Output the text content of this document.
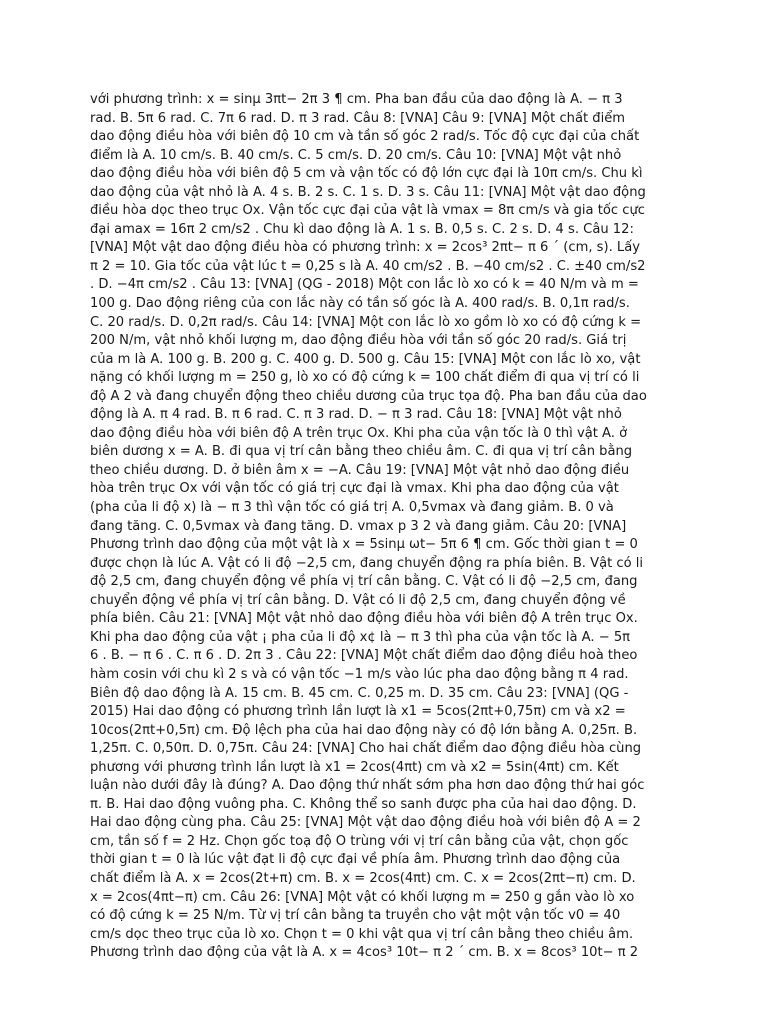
với phương trình: x = sinμ 3πt− 2π 3 ¶ cm. Pha ban đầu của dao động là A. − π 3
rad. B. 5π 6 rad. C. 7π 6 rad. D. π 3 rad. Câu 8: [VNA] Câu 9: [VNA] Một chất điểm
dao động điều hòa với biên độ 10 cm và tần số góc 2 rad/s. Tốc độ cực đại của chất
điểm là A. 10 cm/s. B. 40 cm/s. C. 5 cm/s. D. 20 cm/s. Câu 10: [VNA] Một vật nhỏ
dao động điều hòa với biên độ 5 cm và vận tốc có độ lớn cực đại là 10π cm/s. Chu kì
dao động của vật nhỏ là A. 4 s. B. 2 s. C. 1 s. D. 3 s. Câu 11: [VNA] Một vật dao động
điều hòa dọc theo trục Ox. Vận tốc cực đại của vật là vmax = 8π cm/s và gia tốc cực
đại amax = 16π 2 cm/s2 . Chu kì dao động là A. 1 s. B. 0,5 s. C. 2 s. D. 4 s. Câu 12:
[VNA] Một vật dao động điều hòa có phương trình: x = 2cos³ 2πt− π 6 ´ (cm, s). Lấy
π 2 = 10. Gia tốc của vật lúc t = 0,25 s là A. 40 cm/s2 . B. −40 cm/s2 . C. ±40 cm/s2
. D. −4π cm/s2 . Câu 13: [VNA] (QG - 2018) Một con lắc lò xo có k = 40 N/m và m =
100 g. Dao động riêng của con lắc này có tần số góc là A. 400 rad/s. B. 0,1π rad/s.
C. 20 rad/s. D. 0,2π rad/s. Câu 14: [VNA] Một con lắc lò xo gồm lò xo có độ cứng k =
200 N/m, vật nhỏ khối lượng m, dao động điều hòa với tần số góc 20 rad/s. Giá trị
của m là A. 100 g. B. 200 g. C. 400 g. D. 500 g. Câu 15: [VNA] Một con lắc lò xo, vật
nặng có khối lượng m = 250 g, lò xo có độ cứng k = 100 chất điểm đi qua vị trí có li
độ A 2 và đang chuyển động theo chiều dương của trục tọa độ. Pha ban đầu của dao
động là A. π 4 rad. B. π 6 rad. C. π 3 rad. D. − π 3 rad. Câu 18: [VNA] Một vật nhỏ
dao động điều hòa với biên độ A trên trục Ox. Khi pha của vận tốc là 0 thì vật A. ở
biên dương x = A. B. đi qua vị trí cân bằng theo chiều âm. C. đi qua vị trí cân bằng
theo chiều dương. D. ở biên âm x = −A. Câu 19: [VNA] Một vật nhỏ dao động điều
hòa trên trục Ox với vận tốc có giá trị cực đại là vmax. Khi pha dao động của vật
(pha của li độ x) là − π 3 thì vận tốc có giá trị A. 0,5vmax và đang giảm. B. 0 và
đang tăng. C. 0,5vmax và đang tăng. D. vmax p 3 2 và đang giảm. Câu 20: [VNA]
Phương trình dao động của một vật là x = 5sinμ ωt− 5π 6 ¶ cm. Gốc thời gian t = 0
được chọn là lúc A. Vật có li độ −2,5 cm, đang chuyển động ra phía biên. B. Vật có li
độ 2,5 cm, đang chuyển động về phía vị trí cân bằng. C. Vật có li độ −2,5 cm, đang
chuyển động về phía vị trí cân bằng. D. Vật có li độ 2,5 cm, đang chuyển động về
phía biên. Câu 21: [VNA] Một vật nhỏ dao động điều hòa với biên độ A trên trục Ox.
Khi pha dao động của vật ¡ pha của li độ x¢ là − π 3 thì pha của vận tốc là A. − 5π
6 . B. − π 6 . C. π 6 . D. 2π 3 . Câu 22: [VNA] Một chất điểm dao động điều hoà theo
hàm cosin với chu kì 2 s và có vận tốc −1 m/s vào lúc pha dao động bằng π 4 rad.
Biên độ dao động là A. 15 cm. B. 45 cm. C. 0,25 m. D. 35 cm. Câu 23: [VNA] (QG -
2015) Hai dao động có phương trình lần lượt là x1 = 5cos(2πt+0,75π) cm và x2 =
10cos(2πt+0,5π) cm. Độ lệch pha của hai dao động này có độ lớn bằng A. 0,25π. B.
1,25π. C. 0,50π. D. 0,75π. Câu 24: [VNA] Cho hai chất điểm dao động điều hòa cùng
phương với phương trình lần lượt là x1 = 2cos(4πt) cm và x2 = 5sin(4πt) cm. Kết
luận nào dưới đây là đúng? A. Dao động thứ nhất sớm pha hơn dao động thứ hai góc
π. B. Hai dao động vuông pha. C. Không thể so sanh được pha của hai dao động. D.
Hai dao động cùng pha. Câu 25: [VNA] Một vật dao động điều hoà với biên độ A = 2
cm, tần số f = 2 Hz. Chọn gốc toạ độ O trùng với vị trí cân bằng của vật, chọn gốc
thời gian t = 0 là lúc vật đạt li độ cực đại về phía âm. Phương trình dao động của
chất điểm là A. x = 2cos(2t+π) cm. B. x = 2cos(4πt) cm. C. x = 2cos(2πt−π) cm. D.
x = 2cos(4πt−π) cm. Câu 26: [VNA] Một vật có khối lượng m = 250 g gắn vào lò xo
có độ cứng k = 25 N/m. Từ vị trí cân bằng ta truyền cho vật một vận tốc v0 = 40
cm/s dọc theo trục của lò xo. Chọn t = 0 khi vật qua vị trí cân bằng theo chiều âm.
Phương trình dao động của vật là A. x = 4cos³ 10t− π 2 ´ cm. B. x = 8cos³ 10t− π 2
